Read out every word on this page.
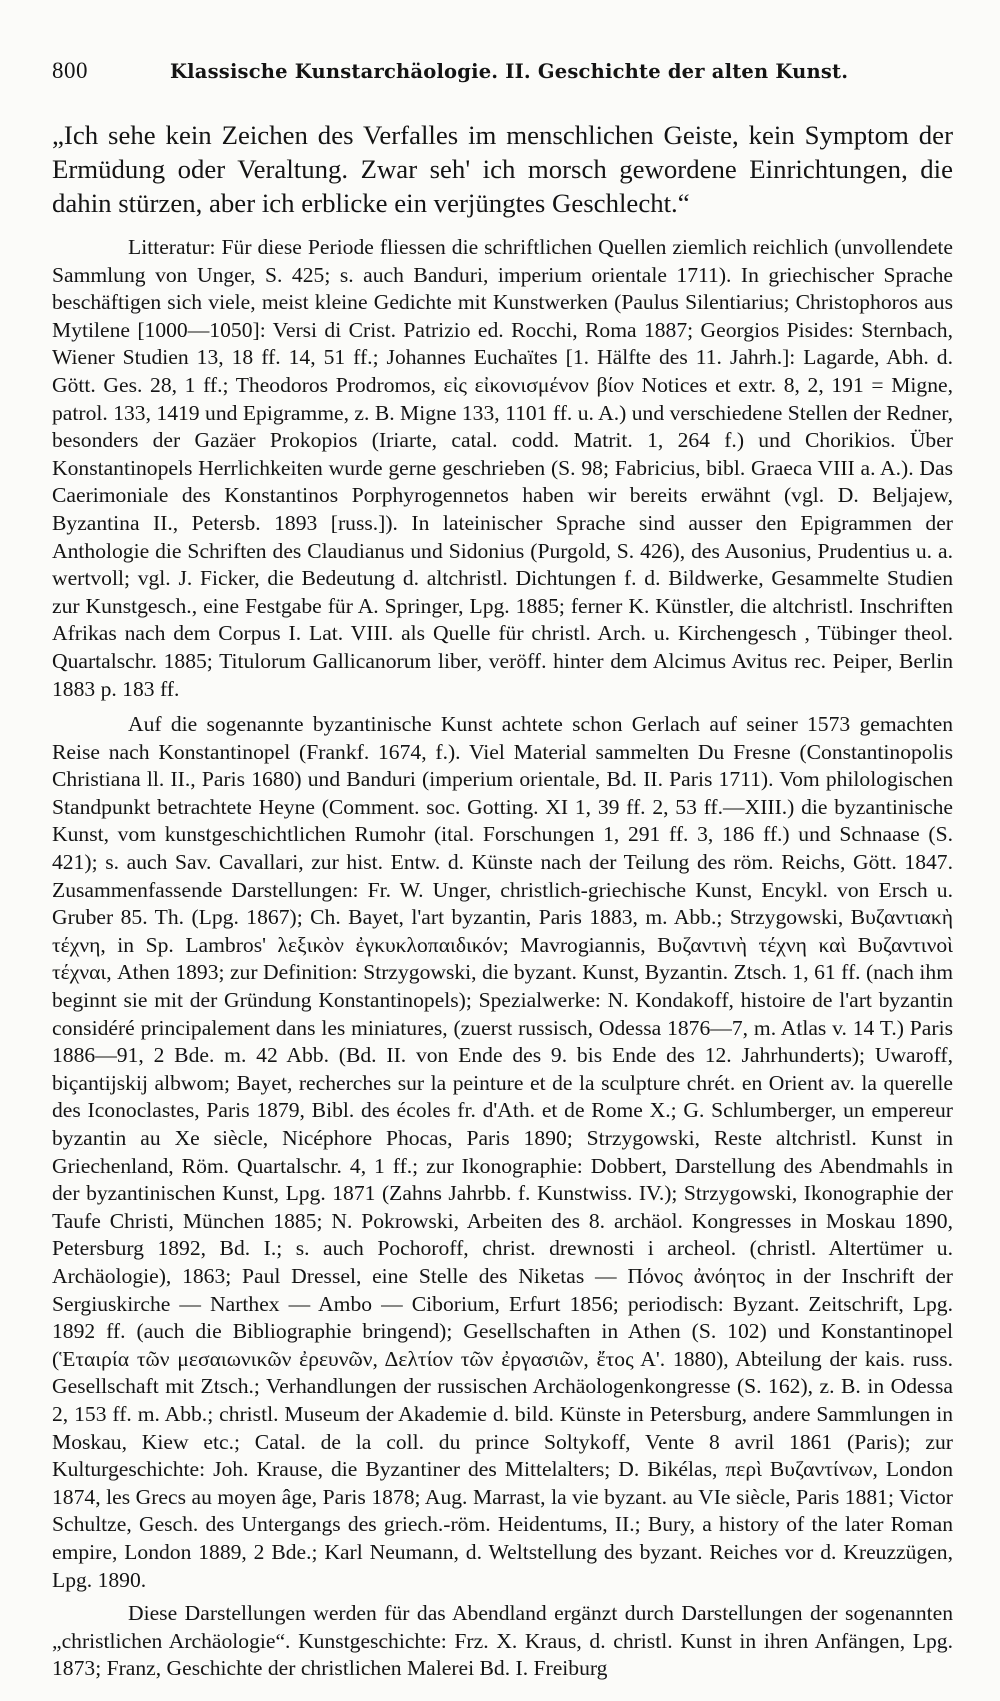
800	Klassische Kunstarchäologie. II. Geschichte der alten Kunst.

„Ich sehe kein Zeichen des Verfalles im menschlichen Geiste, kein Symptom der Ermüdung oder Veraltung. Zwar seh' ich morsch gewordene Einrichtungen, die dahin stürzen, aber ich erblicke ein verjüngtes Geschlecht.“

Litteratur: Für diese Periode fliessen die schriftlichen Quellen ziemlich reichlich (unvollendete Sammlung von Unger, S. 425; s. auch Banduri, imperium orientale 1711). In griechischer Sprache beschäftigen sich viele, meist kleine Gedichte mit Kunstwerken (Paulus Silentiarius; Christophoros aus Mytilene [1000—1050]: Versi di Crist. Patrizio ed. Rocchi, Roma 1887; Georgios Pisides: Sternbach, Wiener Studien 13, 18 ff. 14, 51 ff.; Johannes Euchaïtes [1. Hälfte des 11. Jahrh.]: Lagarde, Abh. d. Gött. Ges. 28, 1 ff.; Theodoros Prodromos, εἰς εἰκονισμένον βίον Notices et extr. 8, 2, 191 = Migne, patrol. 133, 1419 und Epigramme, z. B. Migne 133, 1101 ff. u. A.) und verschiedene Stellen der Redner, besonders der Gazäer Prokopios (Iriarte, catal. codd. Matrit. 1, 264 f.) und Chorikios. Über Konstantinopels Herrlichkeiten wurde gerne geschrieben (S. 98; Fabricius, bibl. Graeca VIII a. A.). Das Caerimoniale des Konstantinos Porphyrogennetos haben wir bereits erwähnt (vgl. D. Beljajew, Byzantina II., Petersb. 1893 [russ.]). In lateinischer Sprache sind ausser den Epigrammen der Anthologie die Schriften des Claudianus und Sidonius (Purgold, S. 426), des Ausonius, Prudentius u. a. wertvoll; vgl. J. Ficker, die Bedeutung d. altchristl. Dichtungen f. d. Bildwerke, Gesammelte Studien zur Kunstgesch., eine Festgabe für A. Springer, Lpg. 1885; ferner K. Künstler, die altchristl. Inschriften Afrikas nach dem Corpus I. Lat. VIII. als Quelle für christl. Arch. u. Kirchengesch , Tübinger theol. Quartalschr. 1885; Titulorum Gallicanorum liber, veröff. hinter dem Alcimus Avitus rec. Peiper, Berlin 1883 p. 183 ff.

Auf die sogenannte byzantinische Kunst achtete schon Gerlach auf seiner 1573 gemachten Reise nach Konstantinopel (Frankf. 1674, f.). Viel Material sammelten Du Fresne (Constantinopolis Christiana ll. II., Paris 1680) und Banduri (imperium orientale, Bd. II. Paris 1711). Vom philologischen Standpunkt betrachtete Heyne (Comment. soc. Gotting. XI 1, 39 ff. 2, 53 ff.—XIII.) die byzantinische Kunst, vom kunstgeschichtlichen Rumohr (ital. Forschungen 1, 291 ff. 3, 186 ff.) und Schnaase (S. 421); s. auch Sav. Cavallari, zur hist. Entw. d. Künste nach der Teilung des röm. Reichs, Gött. 1847. Zusammenfassende Darstellungen: Fr. W. Unger, christlich-griechische Kunst, Encykl. von Ersch u. Gruber 85. Th. (Lpg. 1867); Ch. Bayet, l'art byzantin, Paris 1883, m. Abb.; Strzygowski, Βυζαντιακὴ τέχνη, in Sp. Lambros' λεξικὸν ἐγκυκλοπαιδικόν; Mavrogiannis, Βυζαντινὴ τέχνη καὶ Βυζαντινοὶ τέχναι, Athen 1893; zur Definition: Strzygowski, die byzant. Kunst, Byzantin. Ztsch. 1, 61 ff. (nach ihm beginnt sie mit der Gründung Konstantinopels); Spezialwerke: N. Kondakoff, histoire de l'art byzantin considéré principalement dans les miniatures, (zuerst russisch, Odessa 1876—7, m. Atlas v. 14 T.) Paris 1886—91, 2 Bde. m. 42 Abb. (Bd. II. von Ende des 9. bis Ende des 12. Jahrhunderts); Uwaroff, biçantijskij albwom; Bayet, recherches sur la peinture et de la sculpture chrét. en Orient av. la querelle des Iconoclastes, Paris 1879, Bibl. des écoles fr. d'Ath. et de Rome X.; G. Schlumberger, un empereur byzantin au Xe siècle, Nicéphore Phocas, Paris 1890; Strzygowski, Reste altchristl. Kunst in Griechenland, Röm. Quartalschr. 4, 1 ff.; zur Ikonographie: Dobbert, Darstellung des Abendmahls in der byzantinischen Kunst, Lpg. 1871 (Zahns Jahrbb. f. Kunstwiss. IV.); Strzygowski, Ikonographie der Taufe Christi, München 1885; N. Pokrowski, Arbeiten des 8. archäol. Kongresses in Moskau 1890, Petersburg 1892, Bd. I.; s. auch Pochoroff, christ. drewnosti i archeol. (christl. Altertümer u. Archäologie), 1863; Paul Dressel, eine Stelle des Niketas — Πόνος ἀνόητος in der Inschrift der Sergiuskirche — Narthex — Ambo — Ciborium, Erfurt 1856; periodisch: Byzant. Zeitschrift, Lpg. 1892 ff. (auch die Bibliographie bringend); Gesellschaften in Athen (S. 102) und Konstantinopel (Ἑταιρία τῶν μεσαιωνικῶν ἐρευνῶν, Δελτίον τῶν ἐργασιῶν, ἔτος Α'. 1880), Abteilung der kais. russ. Gesellschaft mit Ztsch.; Verhandlungen der russischen Archäologenkongresse (S. 162), z. B. in Odessa 2, 153 ff. m. Abb.; christl. Museum der Akademie d. bild. Künste in Petersburg, andere Sammlungen in Moskau, Kiew etc.; Catal. de la coll. du prince Soltykoff, Vente 8 avril 1861 (Paris); zur Kulturgeschichte: Joh. Krause, die Byzantiner des Mittelalters; D. Bikélas, περὶ Βυζαντίνων, London 1874, les Grecs au moyen âge, Paris 1878; Aug. Marrast, la vie byzant. au VIe siècle, Paris 1881; Victor Schultze, Gesch. des Untergangs des griech.-röm. Heidentums, II.; Bury, a history of the later Roman empire, London 1889, 2 Bde.; Karl Neumann, d. Weltstellung des byzant. Reiches vor d. Kreuzzügen, Lpg. 1890.

Diese Darstellungen werden für das Abendland ergänzt durch Darstellungen der sogenannten „christlichen Archäologie“. Kunstgeschichte: Frz. X. Kraus, d. christl. Kunst in ihren Anfängen, Lpg. 1873; Franz, Geschichte der christlichen Malerei Bd. I. Freiburg
